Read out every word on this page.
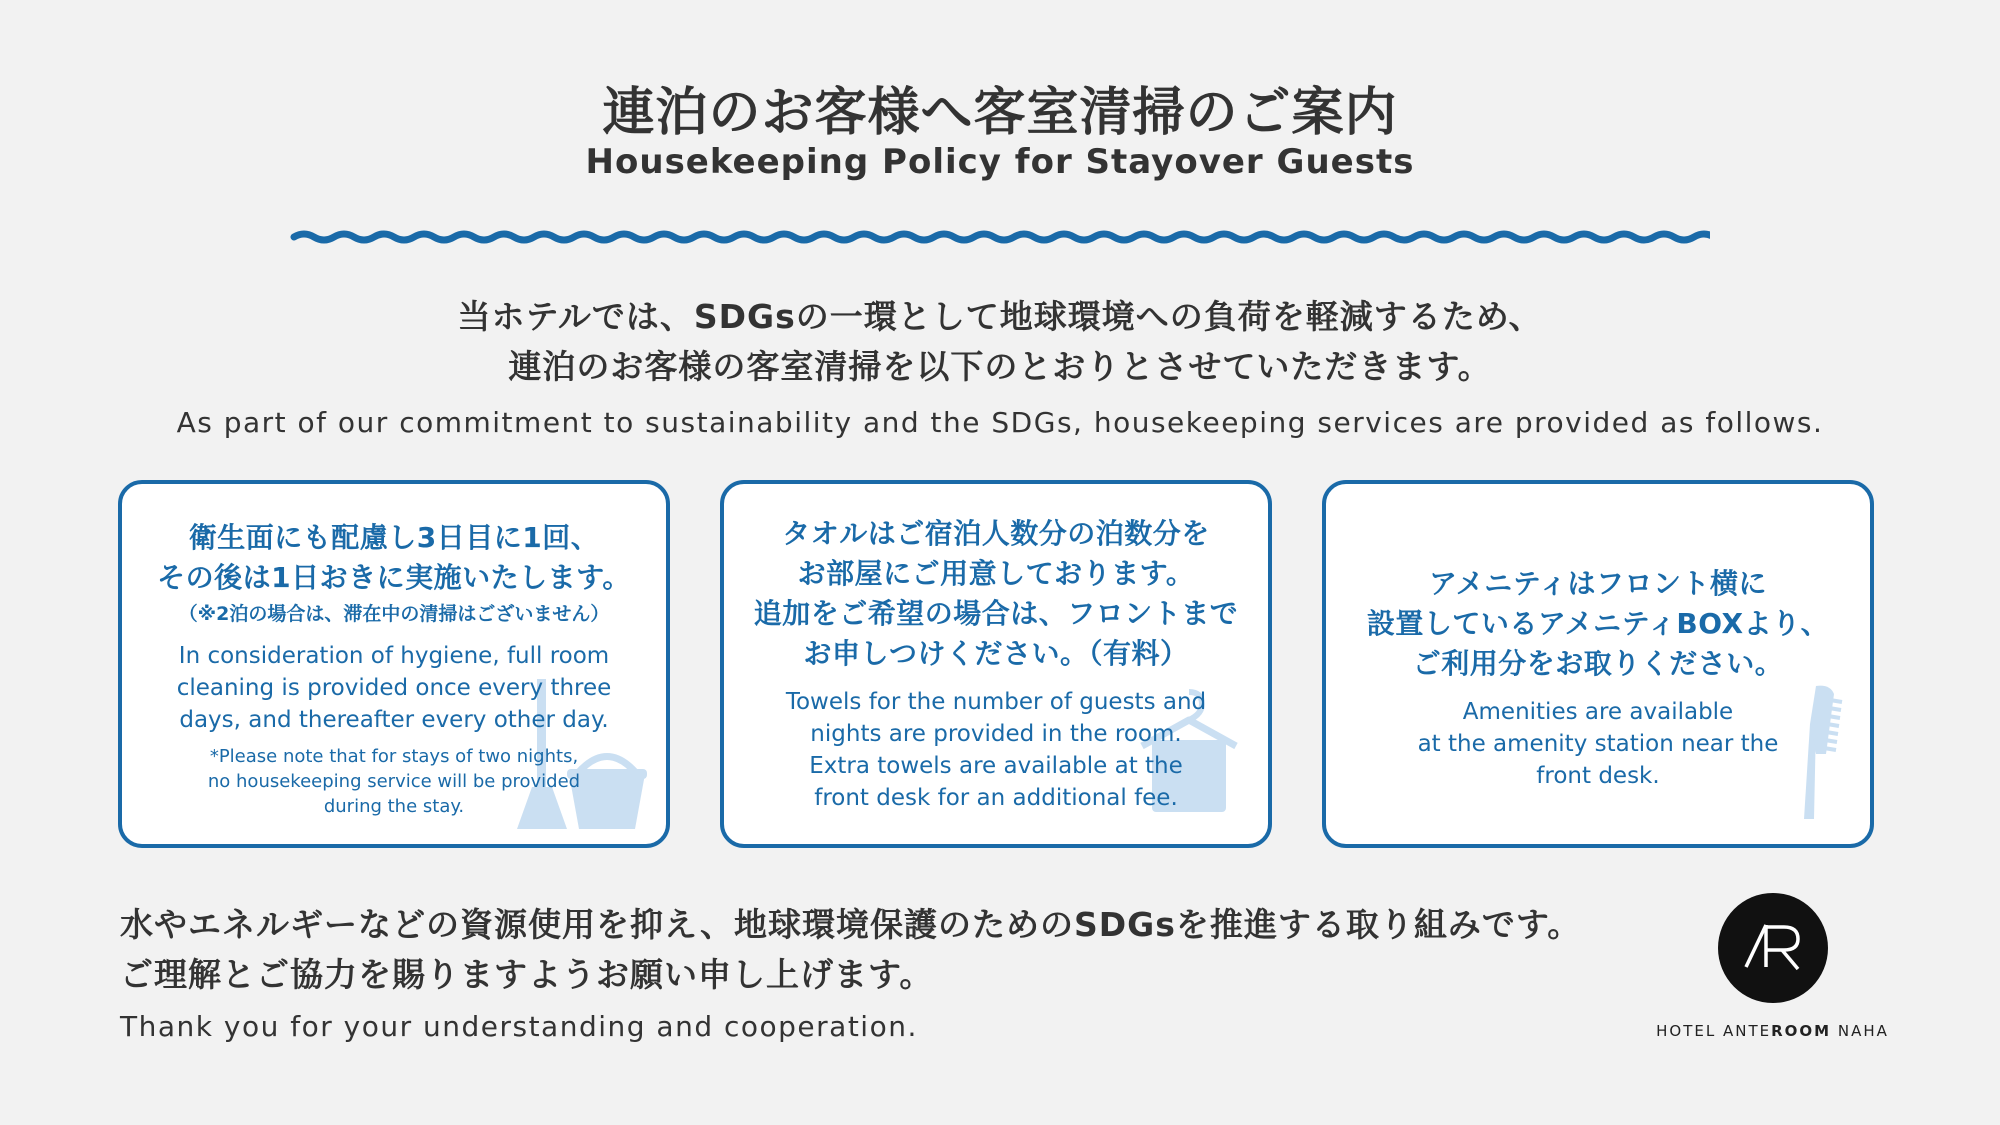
連泊のお客様へ客室清掃のご案内
Housekeeping Policy for Stayover Guests
当ホテルでは、SDGsの一環として地球環境への負荷を軽減するため、
連泊のお客様の客室清掃を以下のとおりとさせていただきます。
As part of our commitment to sustainability and the SDGs, housekeeping services are provided as follows.
衛生面にも配慮し3日目に1回、
その後は1日おきに実施いたします。
（※2泊の場合は、滞在中の清掃はございません）
In consideration of hygiene, full room
cleaning is provided once every three
days, and thereafter every other day.
*Please note that for stays of two nights,
no housekeeping service will be provided
during the stay.
タオルはご宿泊人数分の泊数分を
お部屋にご用意しております。
追加をご希望の場合は、フロントまで
お申しつけください。（有料）
Towels for the number of guests and
nights are provided in the room.
Extra towels are available at the
front desk for an additional fee.
アメニティはフロント横に
設置しているアメニティBOXより、
ご利用分をお取りください。
Amenities are available
at the amenity station near the
front desk.
水やエネルギーなどの資源使用を抑え、地球環境保護のためのSDGsを推進する取り組みです。
ご理解とご協力を賜りますようお願い申し上げます。
Thank you for your understanding and cooperation.	HOTEL ANTEROOM NAHA
